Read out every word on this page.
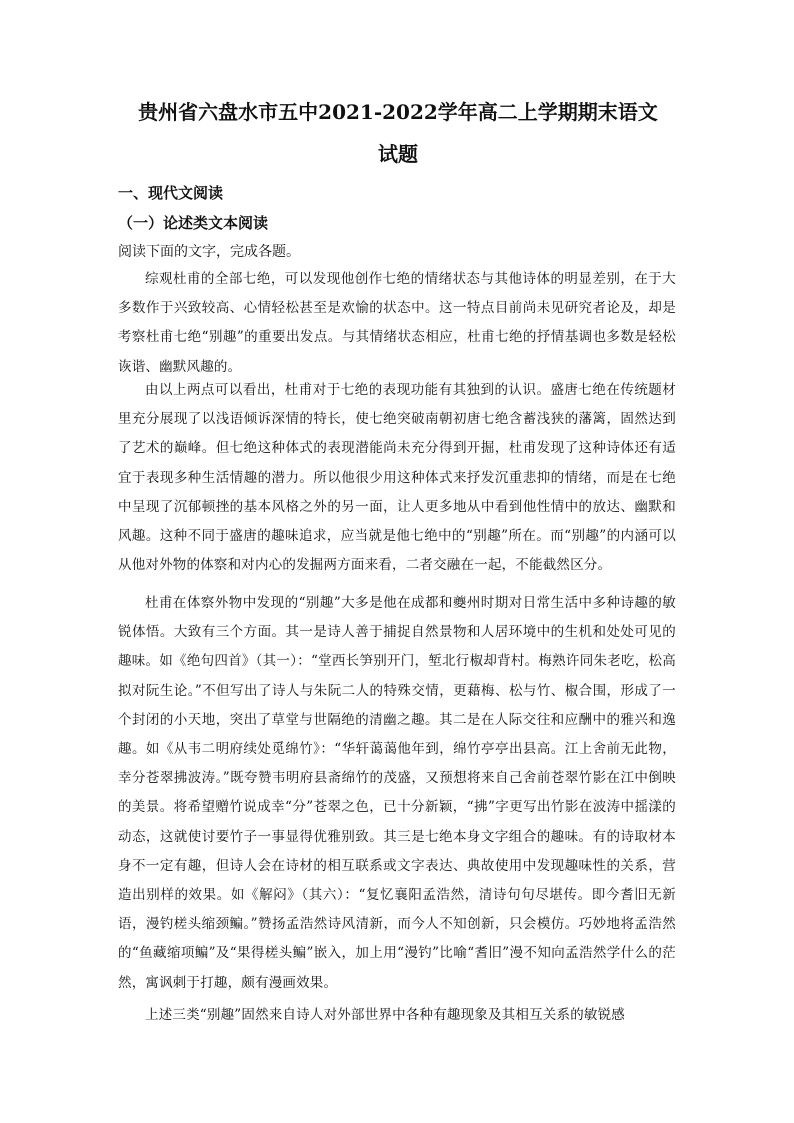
贵州省六盘水市五中2021-2022学年高二上学期期末语文
试题
一、现代文阅读
（一）论述类文本阅读
阅读下面的文字，完成各题。

综观杜甫的全部七绝，可以发现他创作七绝的情绪状态与其他诗体的明显差别，在于大多数作于兴致较高、心情轻松甚至是欢愉的状态中。这一特点目前尚未见研究者论及，却是考察杜甫七绝“别趣”的重要出发点。与其情绪状态相应，杜甫七绝的抒情基调也多数是轻松诙谐、幽默风趣的。

由以上两点可以看出，杜甫对于七绝的表现功能有其独到的认识。盛唐七绝在传统题材里充分展现了以浅语倾诉深情的特长，使七绝突破南朝初唐七绝含蓄浅狭的藩篱，固然达到了艺术的巅峰。但七绝这种体式的表现潜能尚未充分得到开掘，杜甫发现了这种诗体还有适宜于表现多种生活情趣的潜力。所以他很少用这种体式来抒发沉重悲抑的情绪，而是在七绝中呈现了沉郁顿挫的基本风格之外的另一面，让人更多地从中看到他性情中的放达、幽默和风趣。这种不同于盛唐的趣味追求，应当就是他七绝中的“别趣”所在。而“别趣”的内涵可以从他对外物的体察和对内心的发掘两方面来看，二者交融在一起，不能截然区分。

杜甫在体察外物中发现的“别趣”大多是他在成都和夔州时期对日常生活中多种诗趣的敏锐体悟。大致有三个方面。其一是诗人善于捕捉自然景物和人居环境中的生机和处处可见的趣味。如《绝句四首》（其一）：“堂西长笋别开门，堑北行椒却背村。梅熟许同朱老吃，松高拟对阮生论。”不但写出了诗人与朱阮二人的特殊交情，更藉梅、松与竹、椒合围，形成了一个封闭的小天地，突出了草堂与世隔绝的清幽之趣。其二是在人际交往和应酬中的雅兴和逸趣。如《从韦二明府续处觅绵竹》：“华轩蔼蔼他年到，绵竹亭亭出县高。江上舍前无此物，幸分苍翠拂波涛。”既夸赞韦明府县斋绵竹的茂盛，又预想将来自己舍前苍翠竹影在江中倒映的美景。将希望赠竹说成幸“分”苍翠之色，已十分新颖，“拂”字更写出竹影在波涛中摇漾的动态，这就使讨要竹子一事显得优雅别致。其三是七绝本身文字组合的趣味。有的诗取材本身不一定有趣，但诗人会在诗材的相互联系或文字表达、典故使用中发现趣味性的关系，营造出别样的效果。如《解闷》（其六）：“复忆襄阳孟浩然，清诗句句尽堪传。即今耆旧无新语，漫钓槎头缩颈鳊。”赞扬孟浩然诗风清新，而今人不知创新，只会模仿。巧妙地将孟浩然的“鱼藏缩项鳊”及“果得槎头鳊”嵌入，加上用“漫钓”比喻“耆旧”漫不知向孟浩然学什么的茫然，寓讽刺于打趣，颇有漫画效果。

上述三类“别趣”固然来自诗人对外部世界中各种有趣现象及其相互关系的敏锐感
